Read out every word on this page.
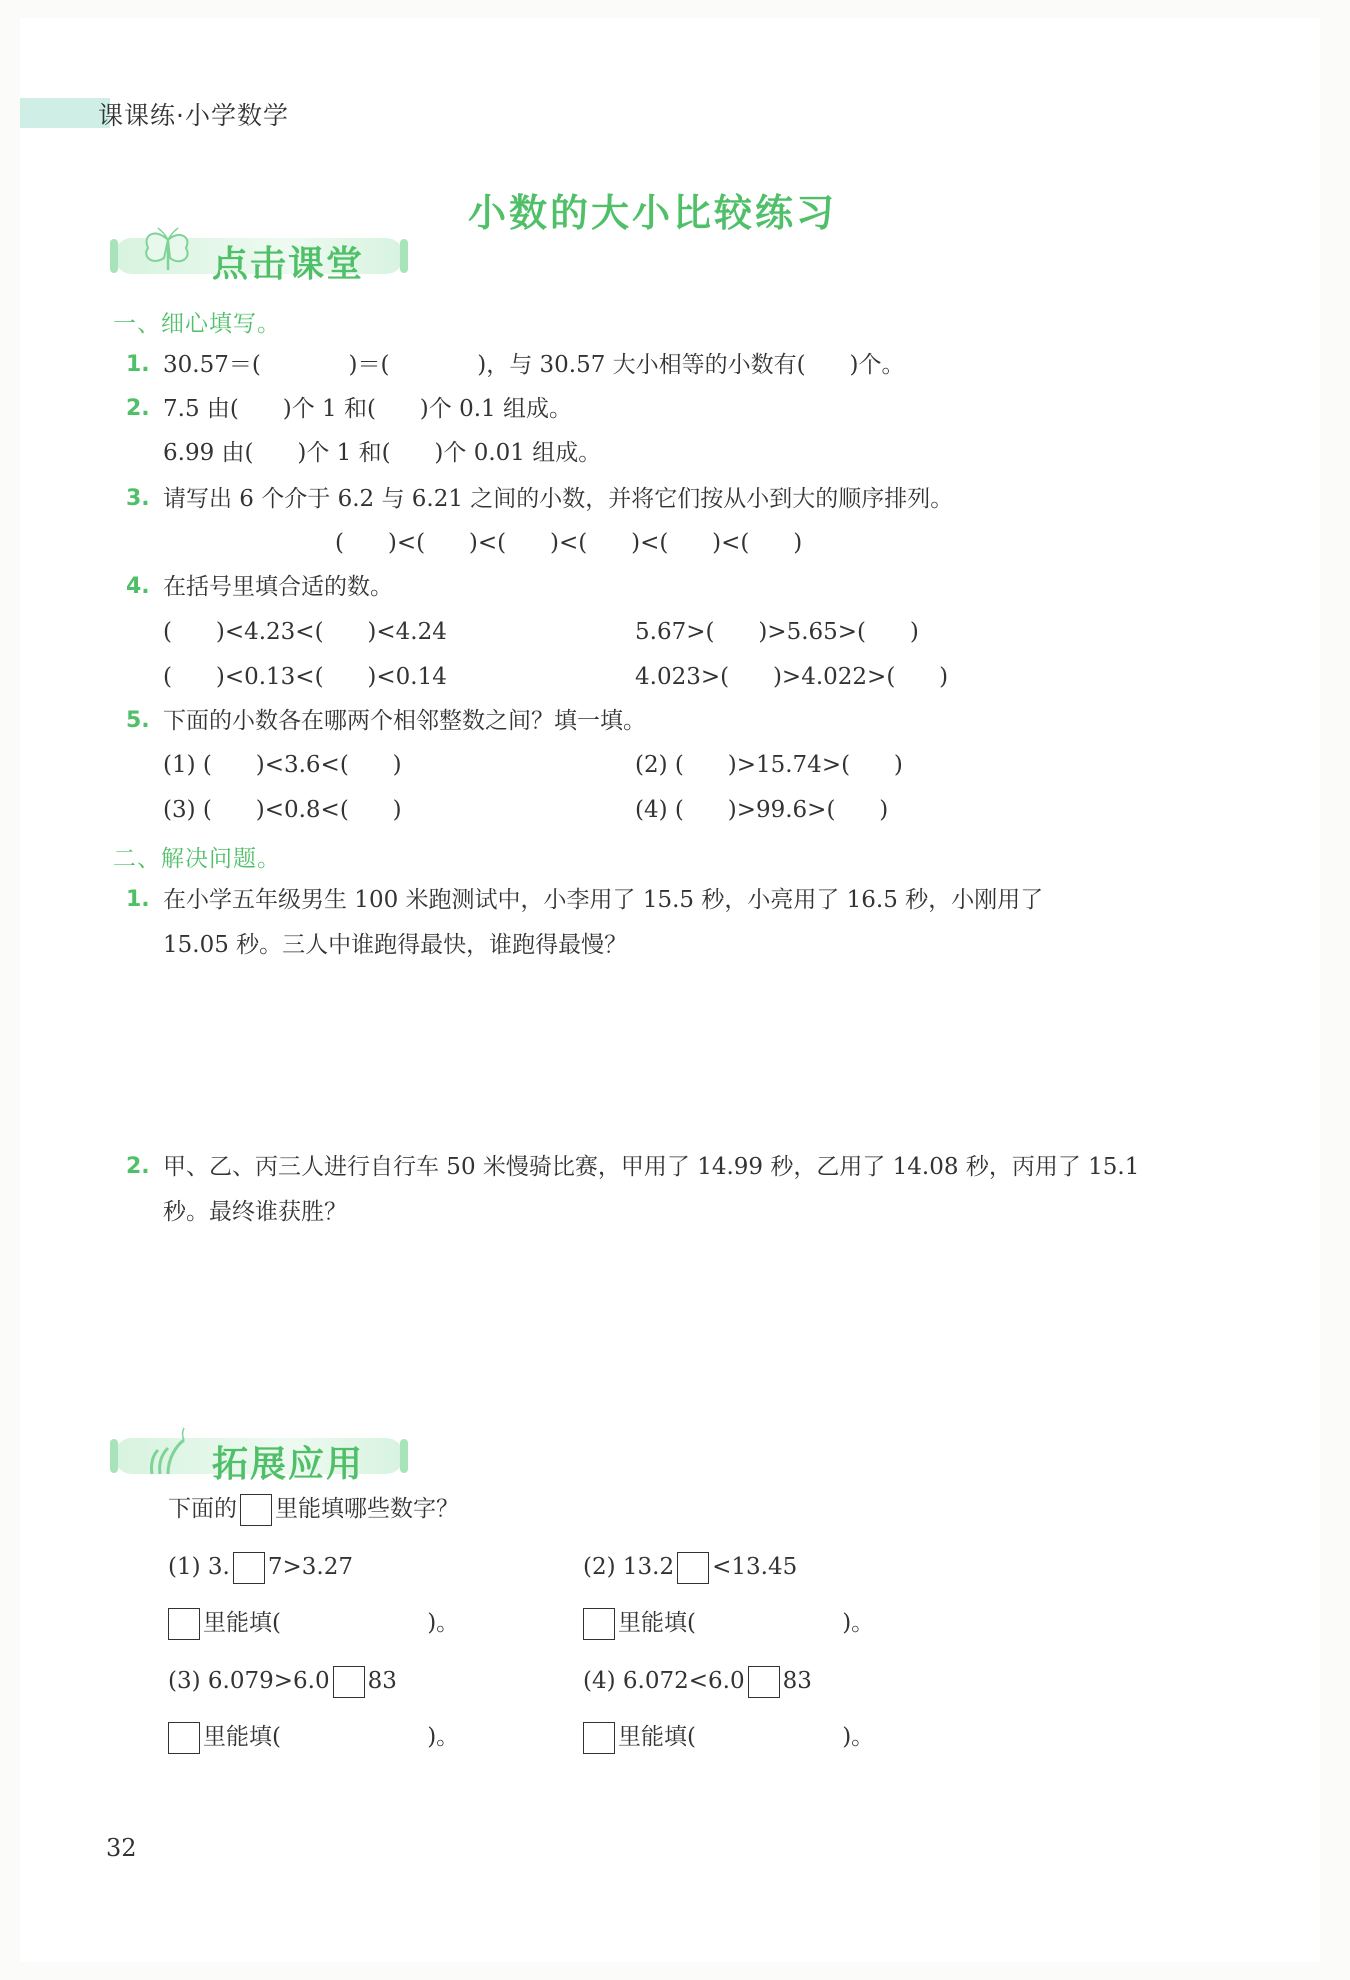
课课练·小学数学
小数的大小比较练习
点击课堂
一、细心填写。
1. 30.57＝(            )＝(            )，与 30.57 大小相等的小数有(      )个。
2. 7.5 由(      )个 1 和(      )个 0.1 组成。
6.99 由(      )个 1 和(      )个 0.01 组成。
3. 请写出 6 个介于 6.2 与 6.21 之间的小数，并将它们按从小到大的顺序排列。
(      )<(      )<(      )<(      )<(      )<(      )
4. 在括号里填合适的数。
(      )<4.23<(      )<4.24	5.67>(      )>5.65>(      )
(      )<0.13<(      )<0.14	4.023>(      )>4.022>(      )
5. 下面的小数各在哪两个相邻整数之间？填一填。
(1) (      )<3.6<(      )	(2) (      )>15.74>(      )
(3) (      )<0.8<(      )	(4) (      )>99.6>(      )
二、解决问题。
1. 在小学五年级男生 100 米跑测试中，小李用了 15.5 秒，小亮用了 16.5 秒，小刚用了
15.05 秒。三人中谁跑得最快，谁跑得最慢？
2. 甲、乙、丙三人进行自行车 50 米慢骑比赛，甲用了 14.99 秒，乙用了 14.08 秒，丙用了 15.1
秒。最终谁获胜？
拓展应用
下面的 里能填哪些数字？
(1) 3. 7>3.27	(2) 13.2 <13.45
里能填(                    )。	里能填(                    )。
(3) 6.079>6.0 83	(4) 6.072<6.0 83
里能填(                    )。	里能填(                    )。
32
